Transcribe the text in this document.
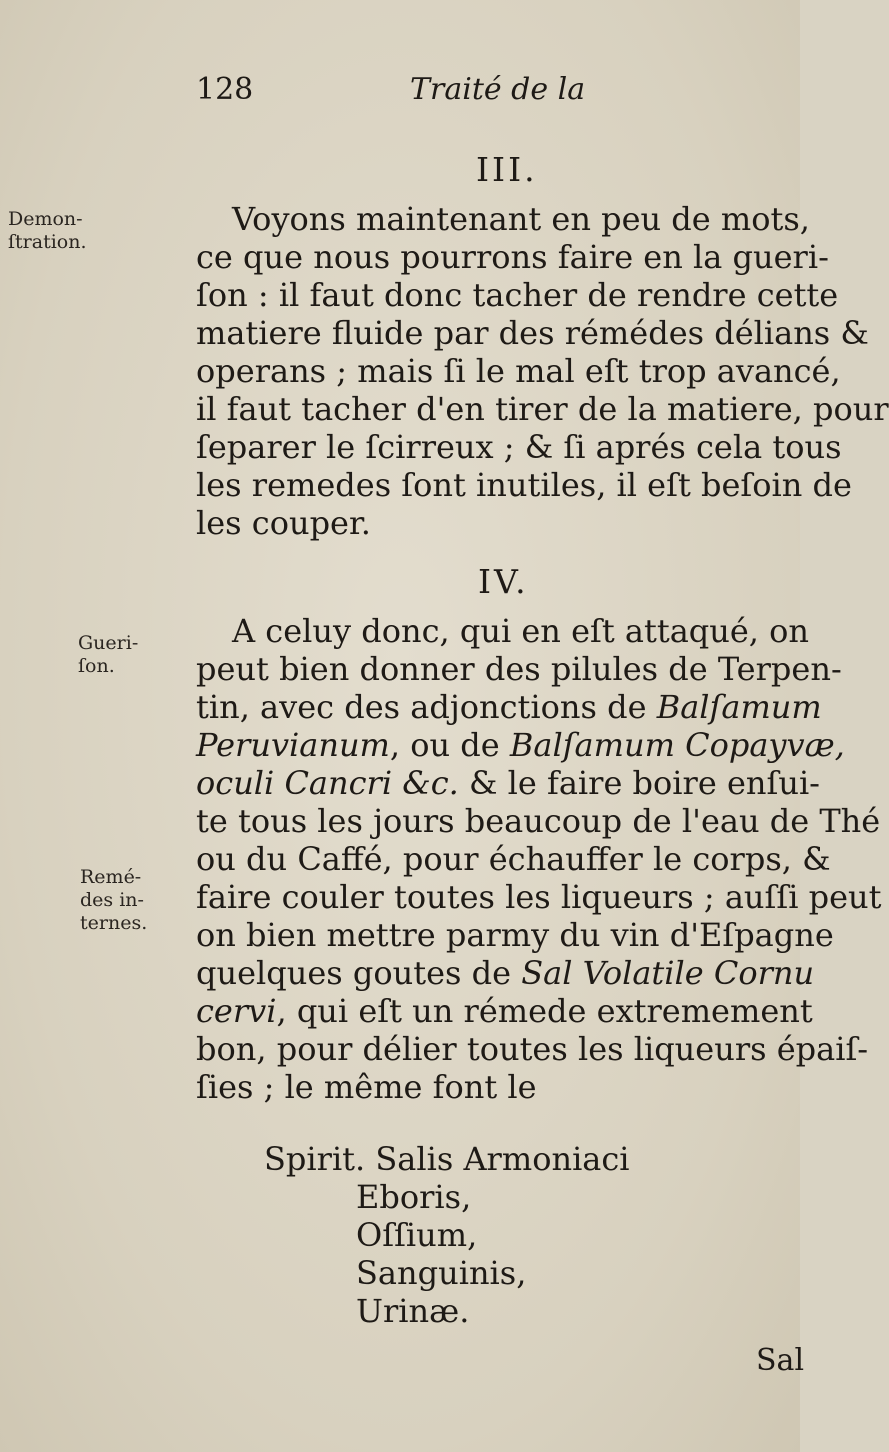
128	Traité de la
III.
Demon-
ſtration.
Voyons maintenant en peu de mots,
ce que nous pourrons faire en la gueri-
ſon : il faut donc tacher de rendre cette
matiere fluide par des rémédes délians &
operans ; mais ſi le mal eſt trop avancé,
il faut tacher d'en tirer de la matiere, pour
ſeparer le ſcirreux ; & ſi aprés cela tous
les remedes ſont inutiles, il eſt beſoin de
les couper.
IV.
Gueri-
ſon.
Remé-
des in-
ternes.
A celuy donc, qui en eſt attaqué, on
peut bien donner des pilules de Terpen-
tin, avec des adjonctions de Balſamum
Peruvianum, ou de Balſamum Copayvæ,
oculi Cancri &c. & le faire boire enſui-
te tous les jours beaucoup de l'eau de Thé
ou du Caffé, pour échauffer le corps, &
faire couler toutes les liqueurs ; auſſi peut
on bien mettre parmy du vin d'Eſpagne
quelques goutes de Sal Volatile Cornu
cervi, qui eſt un rémede extremement
bon, pour délier toutes les liqueurs épaiſ-
ſies ; le même font le
Spirit. Salis Armoniaci
Eboris,
Oſſium,
Sanguinis,
Urinæ.
Sal
